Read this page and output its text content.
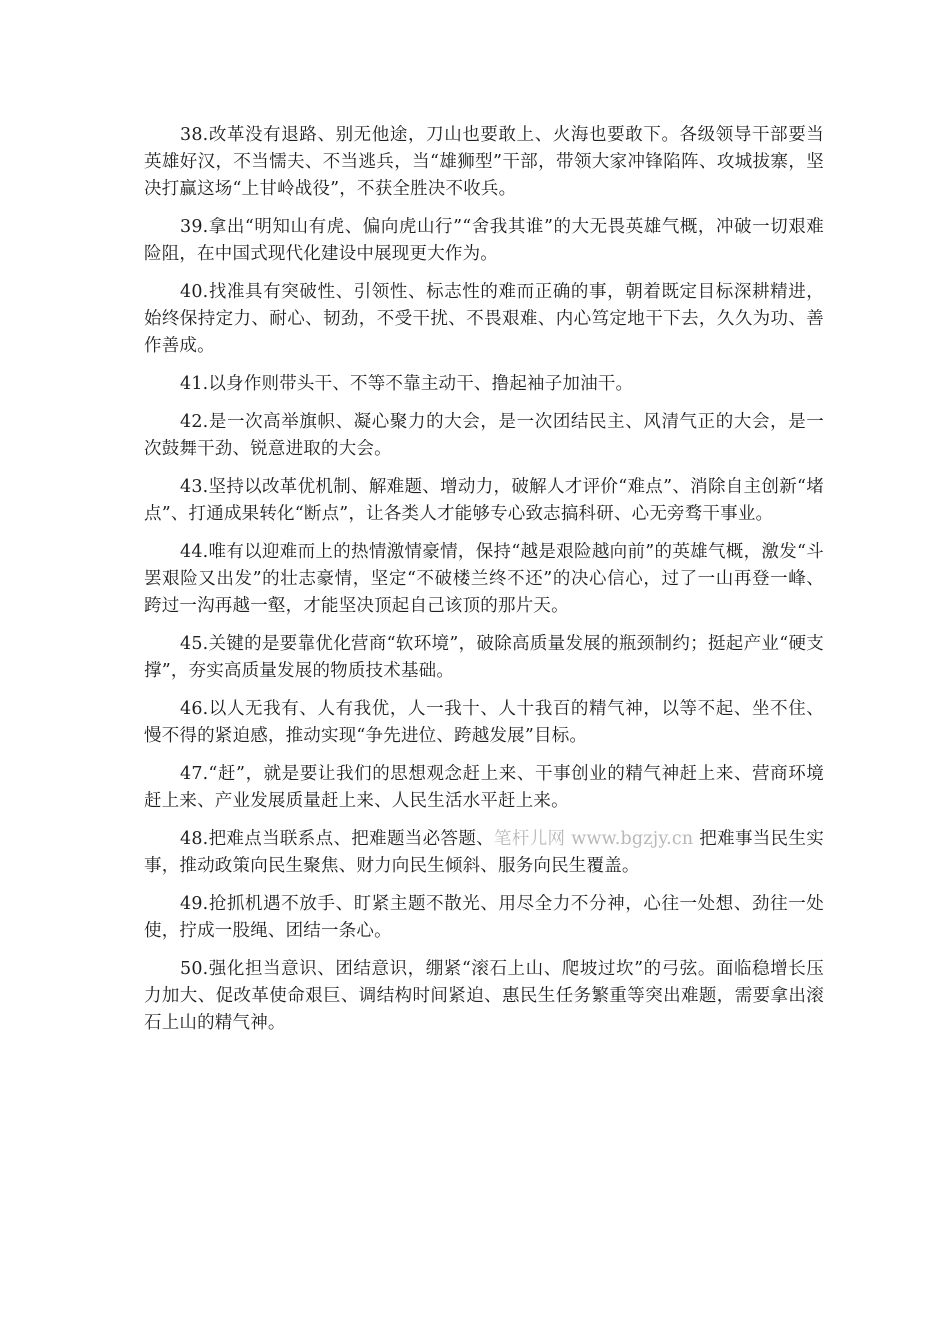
38.改革没有退路、别无他途，刀山也要敢上、火海也要敢下。各级领导干部要当英雄好汉，不当懦夫、不当逃兵，当“雄狮型”干部，带领大家冲锋陷阵、攻城拔寨，坚决打赢这场“上甘岭战役”，不获全胜决不收兵。

39.拿出“明知山有虎、偏向虎山行”“舍我其谁”的大无畏英雄气概，冲破一切艰难险阻，在中国式现代化建设中展现更大作为。

40.找准具有突破性、引领性、标志性的难而正确的事，朝着既定目标深耕精进，始终保持定力、耐心、韧劲，不受干扰、不畏艰难、内心笃定地干下去，久久为功、善作善成。

41.以身作则带头干、不等不靠主动干、撸起袖子加油干。

42.是一次高举旗帜、凝心聚力的大会，是一次团结民主、风清气正的大会，是一次鼓舞干劲、锐意进取的大会。

43.坚持以改革优机制、解难题、增动力，破解人才评价“难点”、消除自主创新“堵点”、打通成果转化“断点”，让各类人才能够专心致志搞科研、心无旁骛干事业。

44.唯有以迎难而上的热情激情豪情，保持“越是艰险越向前”的英雄气概，激发“斗罢艰险又出发”的壮志豪情，坚定“不破楼兰终不还”的决心信心，过了一山再登一峰、跨过一沟再越一壑，才能坚决顶起自己该顶的那片天。

45.关键的是要靠优化营商“软环境”，破除高质量发展的瓶颈制约；挺起产业“硬支撑”，夯实高质量发展的物质技术基础。

46.以人无我有、人有我优，人一我十、人十我百的精气神，以等不起、坐不住、慢不得的紧迫感，推动实现“争先进位、跨越发展”目标。

47.“赶”，就是要让我们的思想观念赶上来、干事创业的精气神赶上来、营商环境赶上来、产业发展质量赶上来、人民生活水平赶上来。

48.把难点当联系点、把难题当必答题、笔杆儿网 www.bgzjy.cn 把难事当民生实事，推动政策向民生聚焦、财力向民生倾斜、服务向民生覆盖。

49.抢抓机遇不放手、盯紧主题不散光、用尽全力不分神，心往一处想、劲往一处使，拧成一股绳、团结一条心。

50.强化担当意识、团结意识，绷紧“滚石上山、爬坡过坎”的弓弦。面临稳增长压力加大、促改革使命艰巨、调结构时间紧迫、惠民生任务繁重等突出难题，需要拿出滚石上山的精气神。
